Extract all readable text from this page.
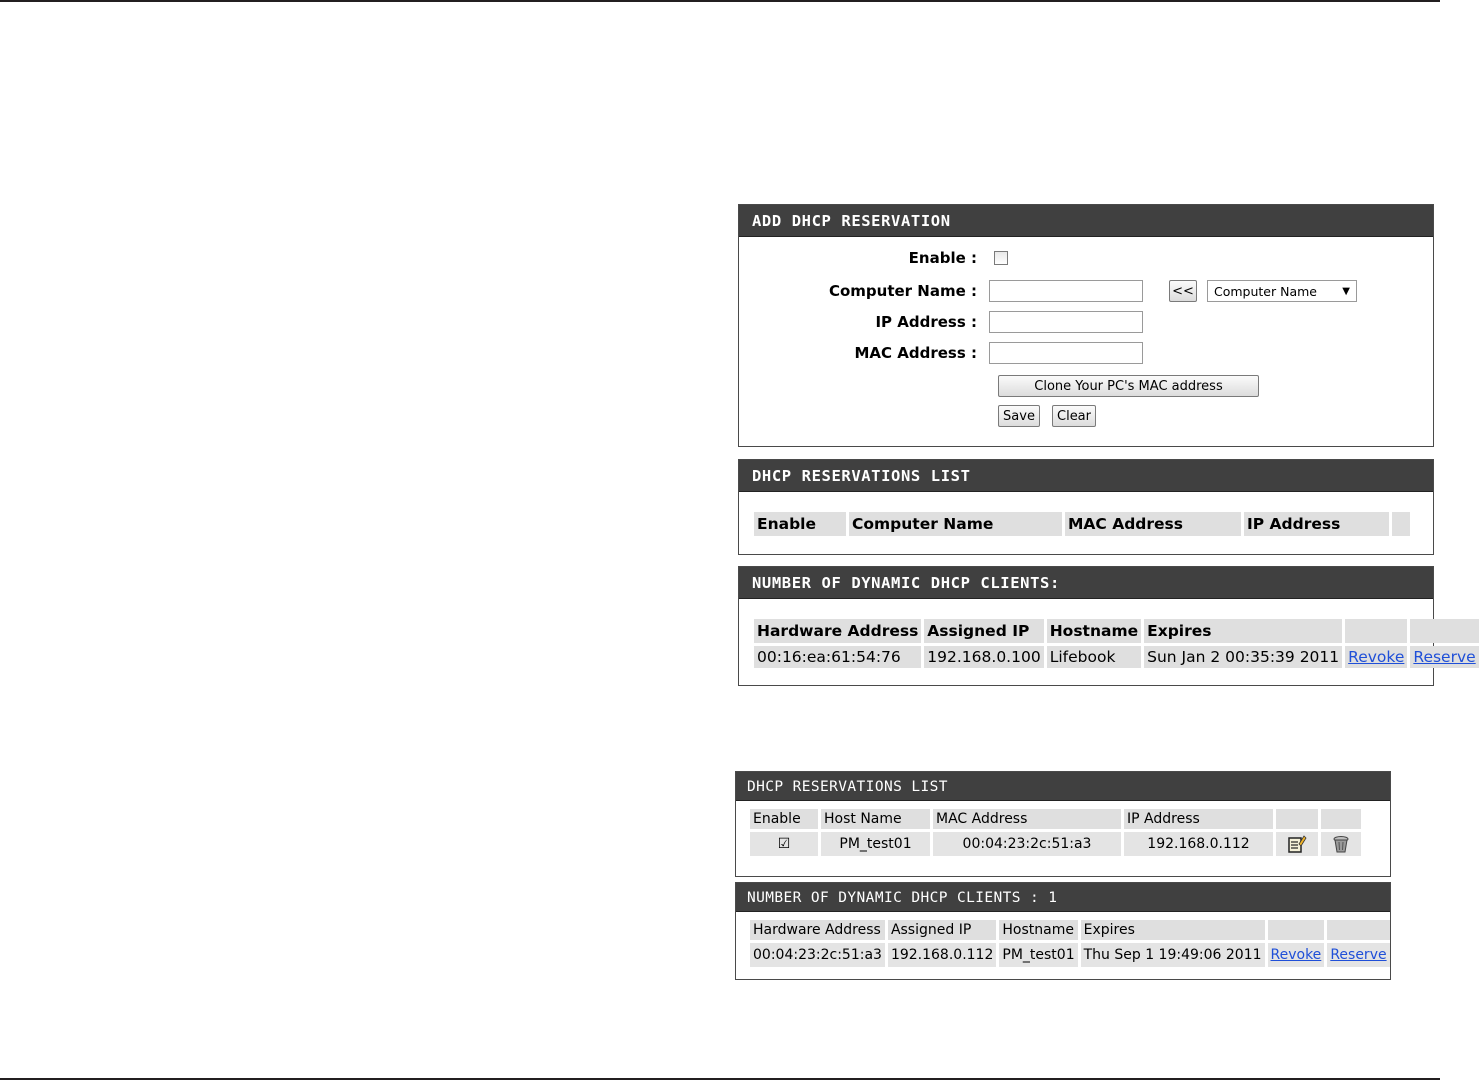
ADD DHCP RESERVATION
Enable :
Computer Name :	<< Computer Name	▼
IP Address :
MAC Address :
Clone Your PC's MAC address
Save	Clear
DHCP RESERVATIONS LIST
Enable	Computer Name	MAC Address	IP Address	
NUMBER OF DYNAMIC DHCP CLIENTS:
Hardware Address	Assigned IP	Hostname	Expires		
00:16:ea:61:54:76	192.168.0.100	Lifebook	Sun Jan 2 00:35:39 2011	Revoke	Reserve
DHCP RESERVATIONS LIST
Enable	Host Name	MAC Address	IP Address		
☑	PM_test01	00:04:23:2c:51:a3	192.168.0.112		
NUMBER OF DYNAMIC DHCP CLIENTS : 1
Hardware Address	Assigned IP	Hostname	Expires		
00:04:23:2c:51:a3	192.168.0.112	PM_test01	Thu Sep 1 19:49:06 2011	Revoke	Reserve
